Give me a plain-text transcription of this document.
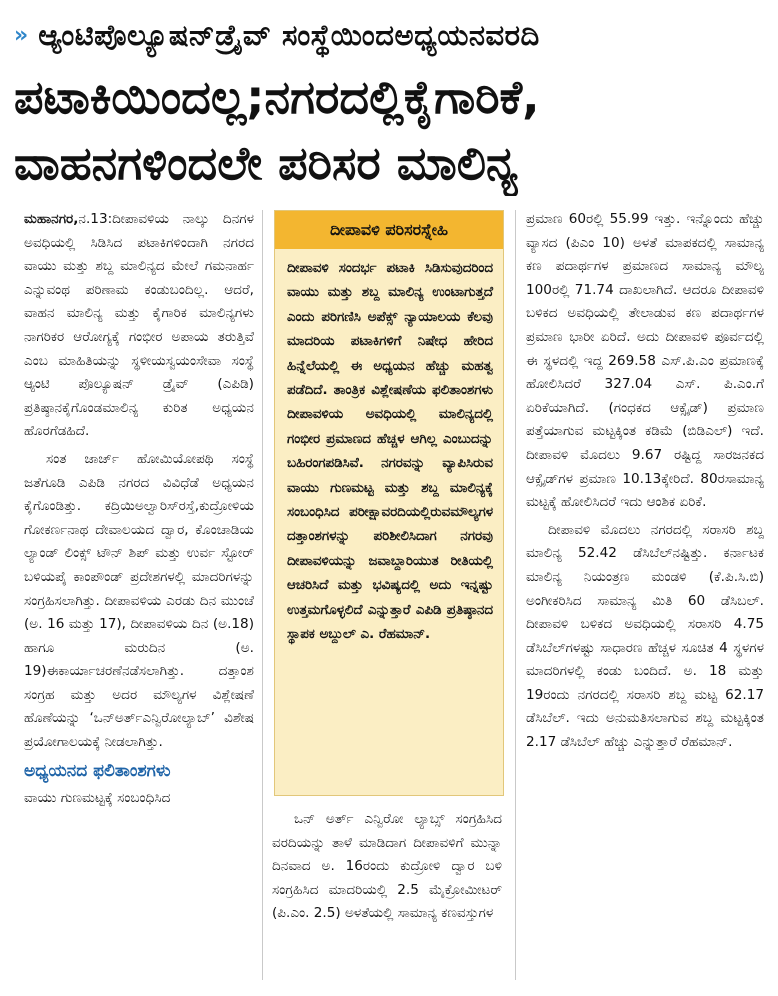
» ಆ್ಯಂಟಿಪೊಲ್ಯೂಷನ್‌ಡ್ರೈವ್ ಸಂಸ್ಥೆಯಿಂದಅಧ್ಯಯನವರದಿ
ಪಟಾಕಿಯಿಂದಲ್ಲ;ನಗರದಲ್ಲಿಕೈಗಾರಿಕೆ,
ವಾಹನಗಳಿಂದಲೇ ಪರಿಸರ ಮಾಲಿನ್ಯ

ಮಹಾನಗರ,ನ.13:ದೀಪಾವಳಿಯ ನಾಲ್ಕು ದಿನಗಳ ಅವಧಿಯಲ್ಲಿ ಸಿಡಿಸಿದ ಪಟಾಕಿಗಳಿಂದಾಗಿ ನಗರದ ವಾಯು ಮತ್ತು ಶಬ್ದ ಮಾಲಿನ್ಯದ ಮೇಲೆ ಗಮನಾರ್ಹ ಎನ್ನುವಂಥ ಪರಿಣಾಮ ಕಂಡುಬಂದಿಲ್ಲ. ಆದರೆ, ವಾಹನ ಮಾಲಿನ್ಯ ಮತ್ತು ಕೈಗಾರಿಕ ಮಾಲಿನ್ಯಗಳು ನಾಗರಿಕರ ಆರೋಗ್ಯಕ್ಕೆ ಗಂಭೀರ ಅಪಾಯ ತರುತ್ತಿವೆ ಎಂಬ ಮಾಹಿತಿಯನ್ನು ಸ್ಥಳೀಯಸ್ವಯಂಸೇವಾ ಸಂಸ್ಥೆ ಆ್ಯಂಟಿ ಪೊಲ್ಯೂಷನ್ ಡ್ರೈವ್ (ಎಪಿಡಿ) ಪ್ರತಿಷ್ಠಾನಕೈಗೊಂಡಮಾಲಿನ್ಯ ಕುರಿತ ಅಧ್ಯಯನ ಹೊರಗೆಡಹಿದೆ.

ಸಂತ ಜಾರ್ಜ್ ಹೋಮಿಯೋಪಥಿ ಸಂಸ್ಥೆ ಜತೆಗೂಡಿ ಎಪಿಡಿ ನಗರದ ವಿವಿಧೆಡೆ ಅಧ್ಯಯನ ಕೈಗೊಂಡಿತ್ತು. ಕದ್ರಿಯಿಅಲ್ವಾರಿಸ್‌ರಸ್ತೆ,ಕುದ್ರೋಳಿಯ ಗೋಕರ್ಣನಾಥ ದೇವಾಲಯದ ದ್ವಾರ, ಕೊಂಚಾಡಿಯ ಲ್ಯಾಂಡ್ ಲಿಂಕ್ಸ್ ಟೌನ್ ಶಿಪ್ ಮತ್ತು ಉರ್ವ ಸ್ಟೋರ್ ಬಳಿಯಪೈ ಕಾಂಪೌಂಡ್ ಪ್ರದೇಶಗಳಲ್ಲಿ ಮಾದರಿಗಳನ್ನು ಸಂಗ್ರಹಿಸಲಾಗಿತ್ತು. ದೀಪಾವಳಿಯ ಎರಡು ದಿನ ಮುಂಚೆ (ಅ. 16 ಮತ್ತು 17), ದೀಪಾವಳಿಯ ದಿನ (ಅ.18) ಹಾಗೂ ಮರುದಿನ (ಅ. 19)ಈಕಾರ್ಯಾಚರಣೆನಡೆಸಲಾಗಿತ್ತು. ದತ್ತಾಂಶ ಸಂಗ್ರಹ ಮತ್ತು ಅದರ ಮೌಲ್ಯಗಳ ವಿಶ್ಲೇಷಣೆ ಹೊಣೆಯನ್ನು ‘ಒನ್‌ಅರ್ತ್‌ಎನ್ವಿರೋಲ್ಯಾಬ್’ ವಿಶೇಷ ಪ್ರಯೋಗಾಲಯಕ್ಕೆ ನೀಡಲಾಗಿತ್ತು.

ಅಧ್ಯಯನದ ಫಲಿತಾಂಶಗಳು

ವಾಯು ಗುಣಮಟ್ಟಕ್ಕೆ ಸಂಬಂಧಿಸಿದ

ದೀಪಾವಳಿ ಪರಿಸರಸ್ನೇಹಿ
ದೀಪಾವಳಿ ಸಂದರ್ಭ ಪಟಾಕಿ ಸಿಡಿಸುವುದರಿಂದ ವಾಯು ಮತ್ತು ಶಬ್ದ ಮಾಲಿನ್ಯ ಉಂಟಾಗುತ್ತದೆ ಎಂದು ಪರಿಗಣಿಸಿ ಅಪೆಕ್ಸ್ ನ್ಯಾಯಾಲಯ ಕೆಲವು ಮಾದರಿಯ ಪಟಾಕಿಗಳಿಗೆ ನಿಷೇಧ ಹೇರಿದ ಹಿನ್ನೆಲೆಯಲ್ಲಿ ಈ ಅಧ್ಯಯನ ಹೆಚ್ಚು ಮಹತ್ವ ಪಡೆದಿದೆ. ತಾಂತ್ರಿಕ ವಿಶ್ಲೇಷಣೆಯ ಫಲಿತಾಂಶಗಳು ದೀಪಾವಳಿಯ ಅವಧಿಯಲ್ಲಿ ಮಾಲಿನ್ಯದಲ್ಲಿ ಗಂಭೀರ ಪ್ರಮಾಣದ ಹೆಚ್ಚಳ ಆಗಿಲ್ಲ ಎಂಬುದನ್ನು ಬಹಿರಂಗಪಡಿಸಿವೆ. ನಗರವನ್ನು ವ್ಯಾಪಿಸಿರುವ ವಾಯು ಗುಣಮಟ್ಟ ಮತ್ತು ಶಬ್ದ ಮಾಲಿನ್ಯಕ್ಕೆ ಸಂಬಂಧಿಸಿದ ಪರೀಕ್ಷಾವರದಿಯಲ್ಲಿರುವಮೌಲ್ಯಗಳ ದತ್ತಾಂಶಗಳನ್ನು ಪರಿಶೀಲಿಸಿದಾಗ ನಗರವು ದೀಪಾವಳಿಯನ್ನು ಜವಾಬ್ದಾರಿಯುತ ರೀತಿಯಲ್ಲಿ ಆಚರಿಸಿದೆ ಮತ್ತು ಭವಿಷ್ಯದಲ್ಲಿ ಅದು ಇನ್ನಷ್ಟು ಉತ್ತಮಗೊಳ್ಳಲಿದೆ ಎನ್ನುತ್ತಾರೆ ಎಪಿಡಿ ಪ್ರತಿಷ್ಠಾನದ ಸ್ಥಾಪಕ ಅಬ್ದುಲ್ ಎ. ರೆಹಮಾನ್.

ಒನ್ ಅರ್ತ್ ಎನ್ವಿರೋ ಲ್ಯಾಬ್ಸ್ ಸಂಗ್ರಹಿಸಿದ ವರದಿಯನ್ನು ತಾಳೆ ಮಾಡಿದಾಗ ದೀಪಾವಳಿಗೆ ಮುನ್ನಾ ದಿನವಾದ ಅ. 16ರಂದು ಕುದ್ರೋಳಿ ದ್ವಾರ ಬಳಿ ಸಂಗ್ರಹಿಸಿದ ಮಾದರಿಯಲ್ಲಿ 2.5 ಮೈಕ್ರೋಮೀಟರ್ (ಪಿ.ಎಂ. 2.5) ಅಳತೆಯಲ್ಲಿ ಸಾಮಾನ್ಯ ಕಣವಸ್ತುಗಳ

ಪ್ರಮಾಣ 60ರಲ್ಲಿ 55.99 ಇತ್ತು. ಇನ್ನೊಂದು ಹೆಚ್ಚು ವ್ಯಾಸದ (ಪಿಎಂ 10) ಅಳತೆ ಮಾಪಕದಲ್ಲಿ ಸಾಮಾನ್ಯ ಕಣ ಪದಾರ್ಥಗಳ ಪ್ರಮಾಣದ ಸಾಮಾನ್ಯ ಮೌಲ್ಯ 100ರಲ್ಲಿ 71.74 ದಾಖಲಾಗಿದೆ. ಆದರೂ ದೀಪಾವಳಿ ಬಳಿಕದ ಅವಧಿಯಲ್ಲಿ ತೇಲಾಡುವ ಕಣ ಪದಾರ್ಥಗಳ ಪ್ರಮಾಣ ಭಾರೀ ಏರಿದೆ. ಅದು ದೀಪಾವಳಿ ಪೂರ್ವದಲ್ಲಿ ಈ ಸ್ಥಳದಲ್ಲಿ ಇದ್ದ 269.58 ಎಸ್.ಪಿ.ಎಂ ಪ್ರಮಾಣಕ್ಕೆ ಹೋಲಿಸಿದರೆ 327.04 ಎಸ್. ಪಿ.ಎಂ.ಗೆ ಏರಿಕೆಯಾಗಿದೆ. (ಗಂಧಕದ ಆಕ್ಸೈಡ್) ಪ್ರಮಾಣ ಪತ್ತೆಯಾಗುವ ಮಟ್ಟಕ್ಕಿಂತ ಕಡಿಮೆ (ಬಿಡಿಎಲ್) ಇದೆ. ದೀಪಾವಳಿ ಮೊದಲು 9.67 ರಷ್ಟಿದ್ದ ಸಾರಜನಕದ ಆಕ್ಸೈಡ್‌ಗಳ ಪ್ರಮಾಣ 10.13ಕ್ಕೇರಿದೆ. 80ರಸಾಮಾನ್ಯ ಮಟ್ಟಕ್ಕೆ ಹೋಲಿಸಿದರೆ ಇದು ಆಂಶಿಕ ಏರಿಕೆ.

ದೀಪಾವಳಿ ಮೊದಲು ನಗರದಲ್ಲಿ ಸರಾಸರಿ ಶಬ್ದ ಮಾಲಿನ್ಯ 52.42 ಡೆಸಿಬೆಲ್‌ನಷ್ಟಿತ್ತು. ಕರ್ನಾಟಕ ಮಾಲಿನ್ಯ ನಿಯಂತ್ರಣ ಮಂಡಳಿ (ಕೆ.ಪಿ.ಸಿ.ಬಿ) ಅಂಗೀಕರಿಸಿದ ಸಾಮಾನ್ಯ ಮಿತಿ 60 ಡೆಸಿಬಲ್. ದೀಪಾವಳಿ ಬಳಿಕದ ಅವಧಿಯಲ್ಲಿ ಸರಾಸರಿ 4.75 ಡೆಸಿಬೆಲ್‌ಗಳಷ್ಟು ಸಾಧಾರಣ ಹೆಚ್ಚಳ ಸೂಚಿತ 4 ಸ್ಥಳಗಳ ಮಾದರಿಗಳಲ್ಲಿ ಕಂಡು ಬಂದಿದೆ. ಅ. 18 ಮತ್ತು 19ರಂದು ನಗರದಲ್ಲಿ ಸರಾಸರಿ ಶಬ್ದ ಮಟ್ಟ 62.17 ಡೆಸಿಬೆಲ್. ಇದು ಅನುಮತಿಸಲಾಗುವ ಶಬ್ದ ಮಟ್ಟಕ್ಕಿಂತ 2.17 ಡೆಸಿಬೆಲ್ ಹೆಚ್ಚು ಎನ್ನುತ್ತಾರೆ ರೆಹಮಾನ್.
